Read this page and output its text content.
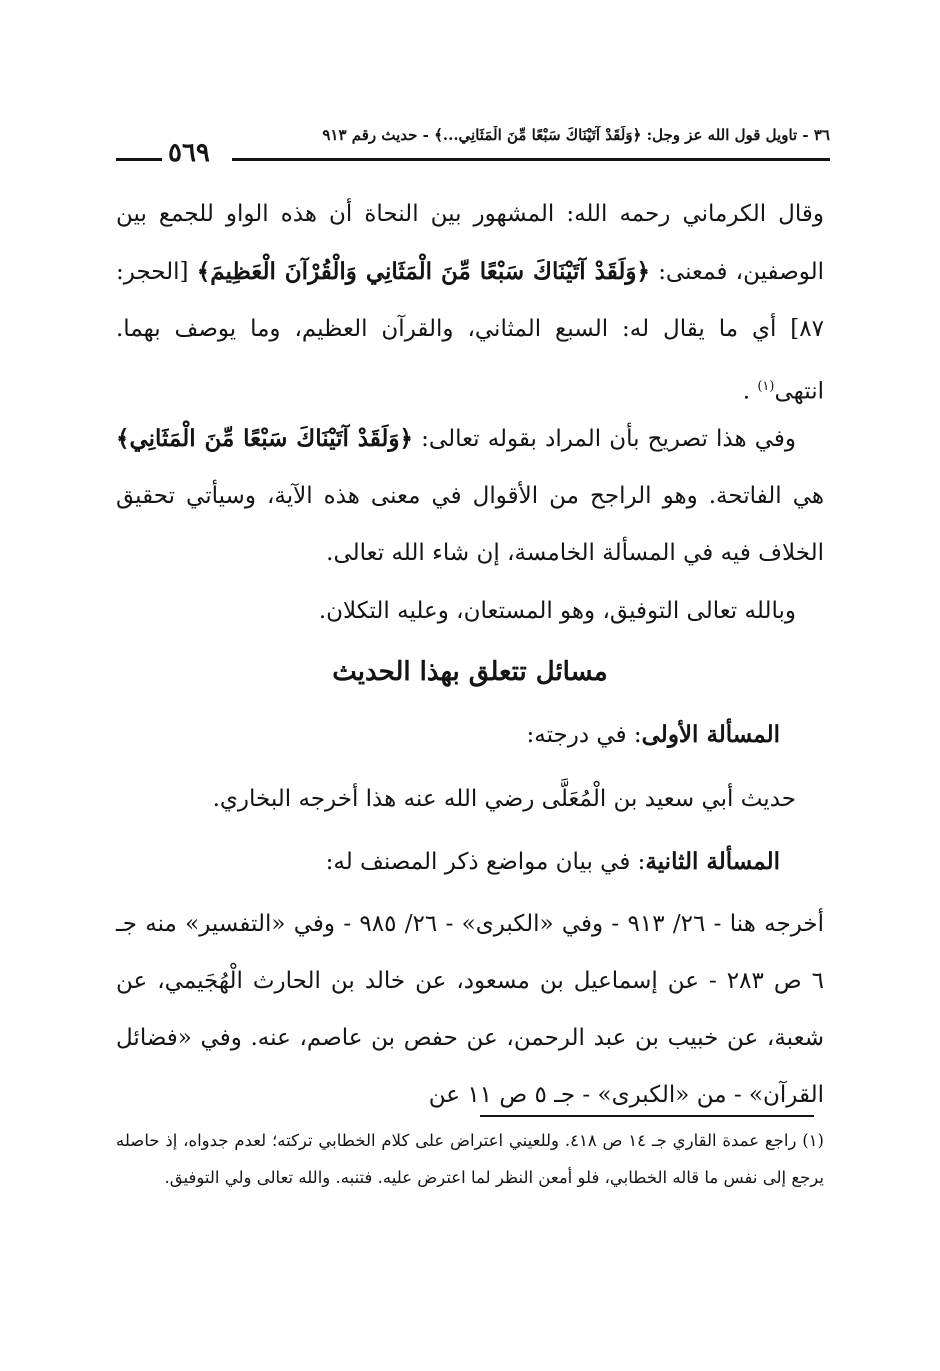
٣٦ - تاويل قول الله عز وجل: ﴿وَلَقَدْ آتَيْنَاكَ سَبْعًا مِّنَ الْمَثَانِي...﴾ - حديث رقم ٩١٣
٥٦٩
وقال الكرماني رحمه الله: المشهور بين النحاة أن هذه الواو للجمع بين الوصفين، فمعنى: ﴿وَلَقَدْ آتَيْنَاكَ سَبْعًا مِّنَ الْمَثَانِي وَالْقُرْآنَ الْعَظِيمَ﴾ [الحجر: ٨٧] أي ما يقال له: السبع المثاني، والقرآن العظيم، وما يوصف بهما. انتهى$^{(١)}$ .
وفي هذا تصريح بأن المراد بقوله تعالى: ﴿وَلَقَدْ آتَيْنَاكَ سَبْعًا مِّنَ الْمَثَانِي﴾ هي الفاتحة. وهو الراجح من الأقوال في معنى هذه الآية، وسيأتي تحقيق الخلاف فيه في المسألة الخامسة، إن شاء الله تعالى.
وبالله تعالى التوفيق، وهو المستعان، وعليه التكلان.
مسائل تتعلق بهذا الحديث
المسألة الأولى: في درجته:
حديث أبي سعيد بن الْمُعَلَّى رضي الله عنه هذا أخرجه البخاري.
المسألة الثانية: في بيان مواضع ذكر المصنف له:
أخرجه هنا - ٢٦/ ٩١٣ - وفي «الكبرى» - ٢٦/ ٩٨٥ - وفي «التفسير» منه جـ ٦ ص ٢٨٣ - عن إسماعيل بن مسعود، عن خالد بن الحارث الْهُجَيمي، عن شعبة، عن خبيب بن عبد الرحمن، عن حفص بن عاصم، عنه. وفي «فضائل القرآن» - من «الكبرى» - جـ ٥ ص ١١ عن
(١) راجع عمدة القاري جـ ١٤ ص ٤١٨. وللعيني اعتراض على كلام الخطابي تركته؛ لعدم جدواه، إذ حاصله يرجع إلى نفس ما قاله الخطابي، فلو أمعن النظر لما اعترض عليه. فتنبه. والله تعالى ولي التوفيق.
